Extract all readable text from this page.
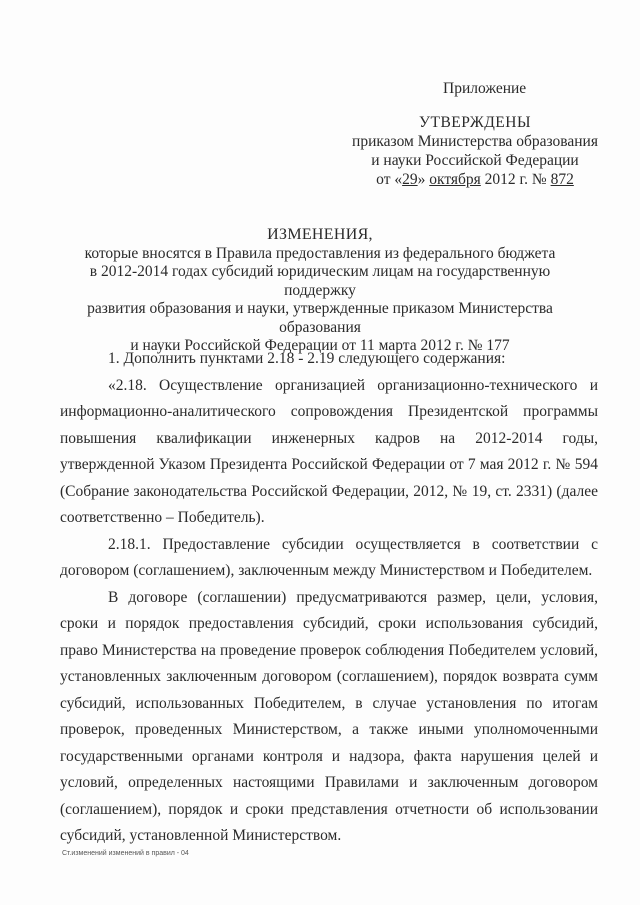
Приложение
УТВЕРЖДЕНЫ
приказом Министерства образования
и науки Российской Федерации
от «29» октября 2012 г. № 872
ИЗМЕНЕНИЯ,
которые вносятся в Правила предоставления из федерального бюджета
в 2012-2014 годах субсидий юридическим лицам на государственную поддержку
развития образования и науки, утвержденные приказом Министерства образования
и науки Российской Федерации от 11 марта 2012 г. № 177

1. Дополнить пунктами 2.18 - 2.19 следующего содержания:

«2.18. Осуществление организацией организационно-технического и информационно-аналитического сопровождения Президентской программы повышения квалификации инженерных кадров на 2012-2014 годы, утвержденной Указом Президента Российской Федерации от 7 мая 2012 г. № 594 (Собрание законодательства Российской Федерации, 2012, № 19, ст. 2331) (далее соответственно – Победитель).

2.18.1. Предоставление субсидии осуществляется в соответствии с договором (соглашением), заключенным между Министерством и Победителем.

В договоре (соглашении) предусматриваются размер, цели, условия, сроки и порядок предоставления субсидий, сроки использования субсидий, право Министерства на проведение проверок соблюдения Победителем условий, установленных заключенным договором (соглашением), порядок возврата сумм субсидий, использованных Победителем, в случае установления по итогам проверок, проведенных Министерством, а также иными уполномоченными государственными органами контроля и надзора, факта нарушения целей и условий, определенных настоящими Правилами и заключенным договором (соглашением), порядок и сроки представления отчетности об использовании субсидий, установленной Министерством.

Ст.изменений изменений в правил - 04
